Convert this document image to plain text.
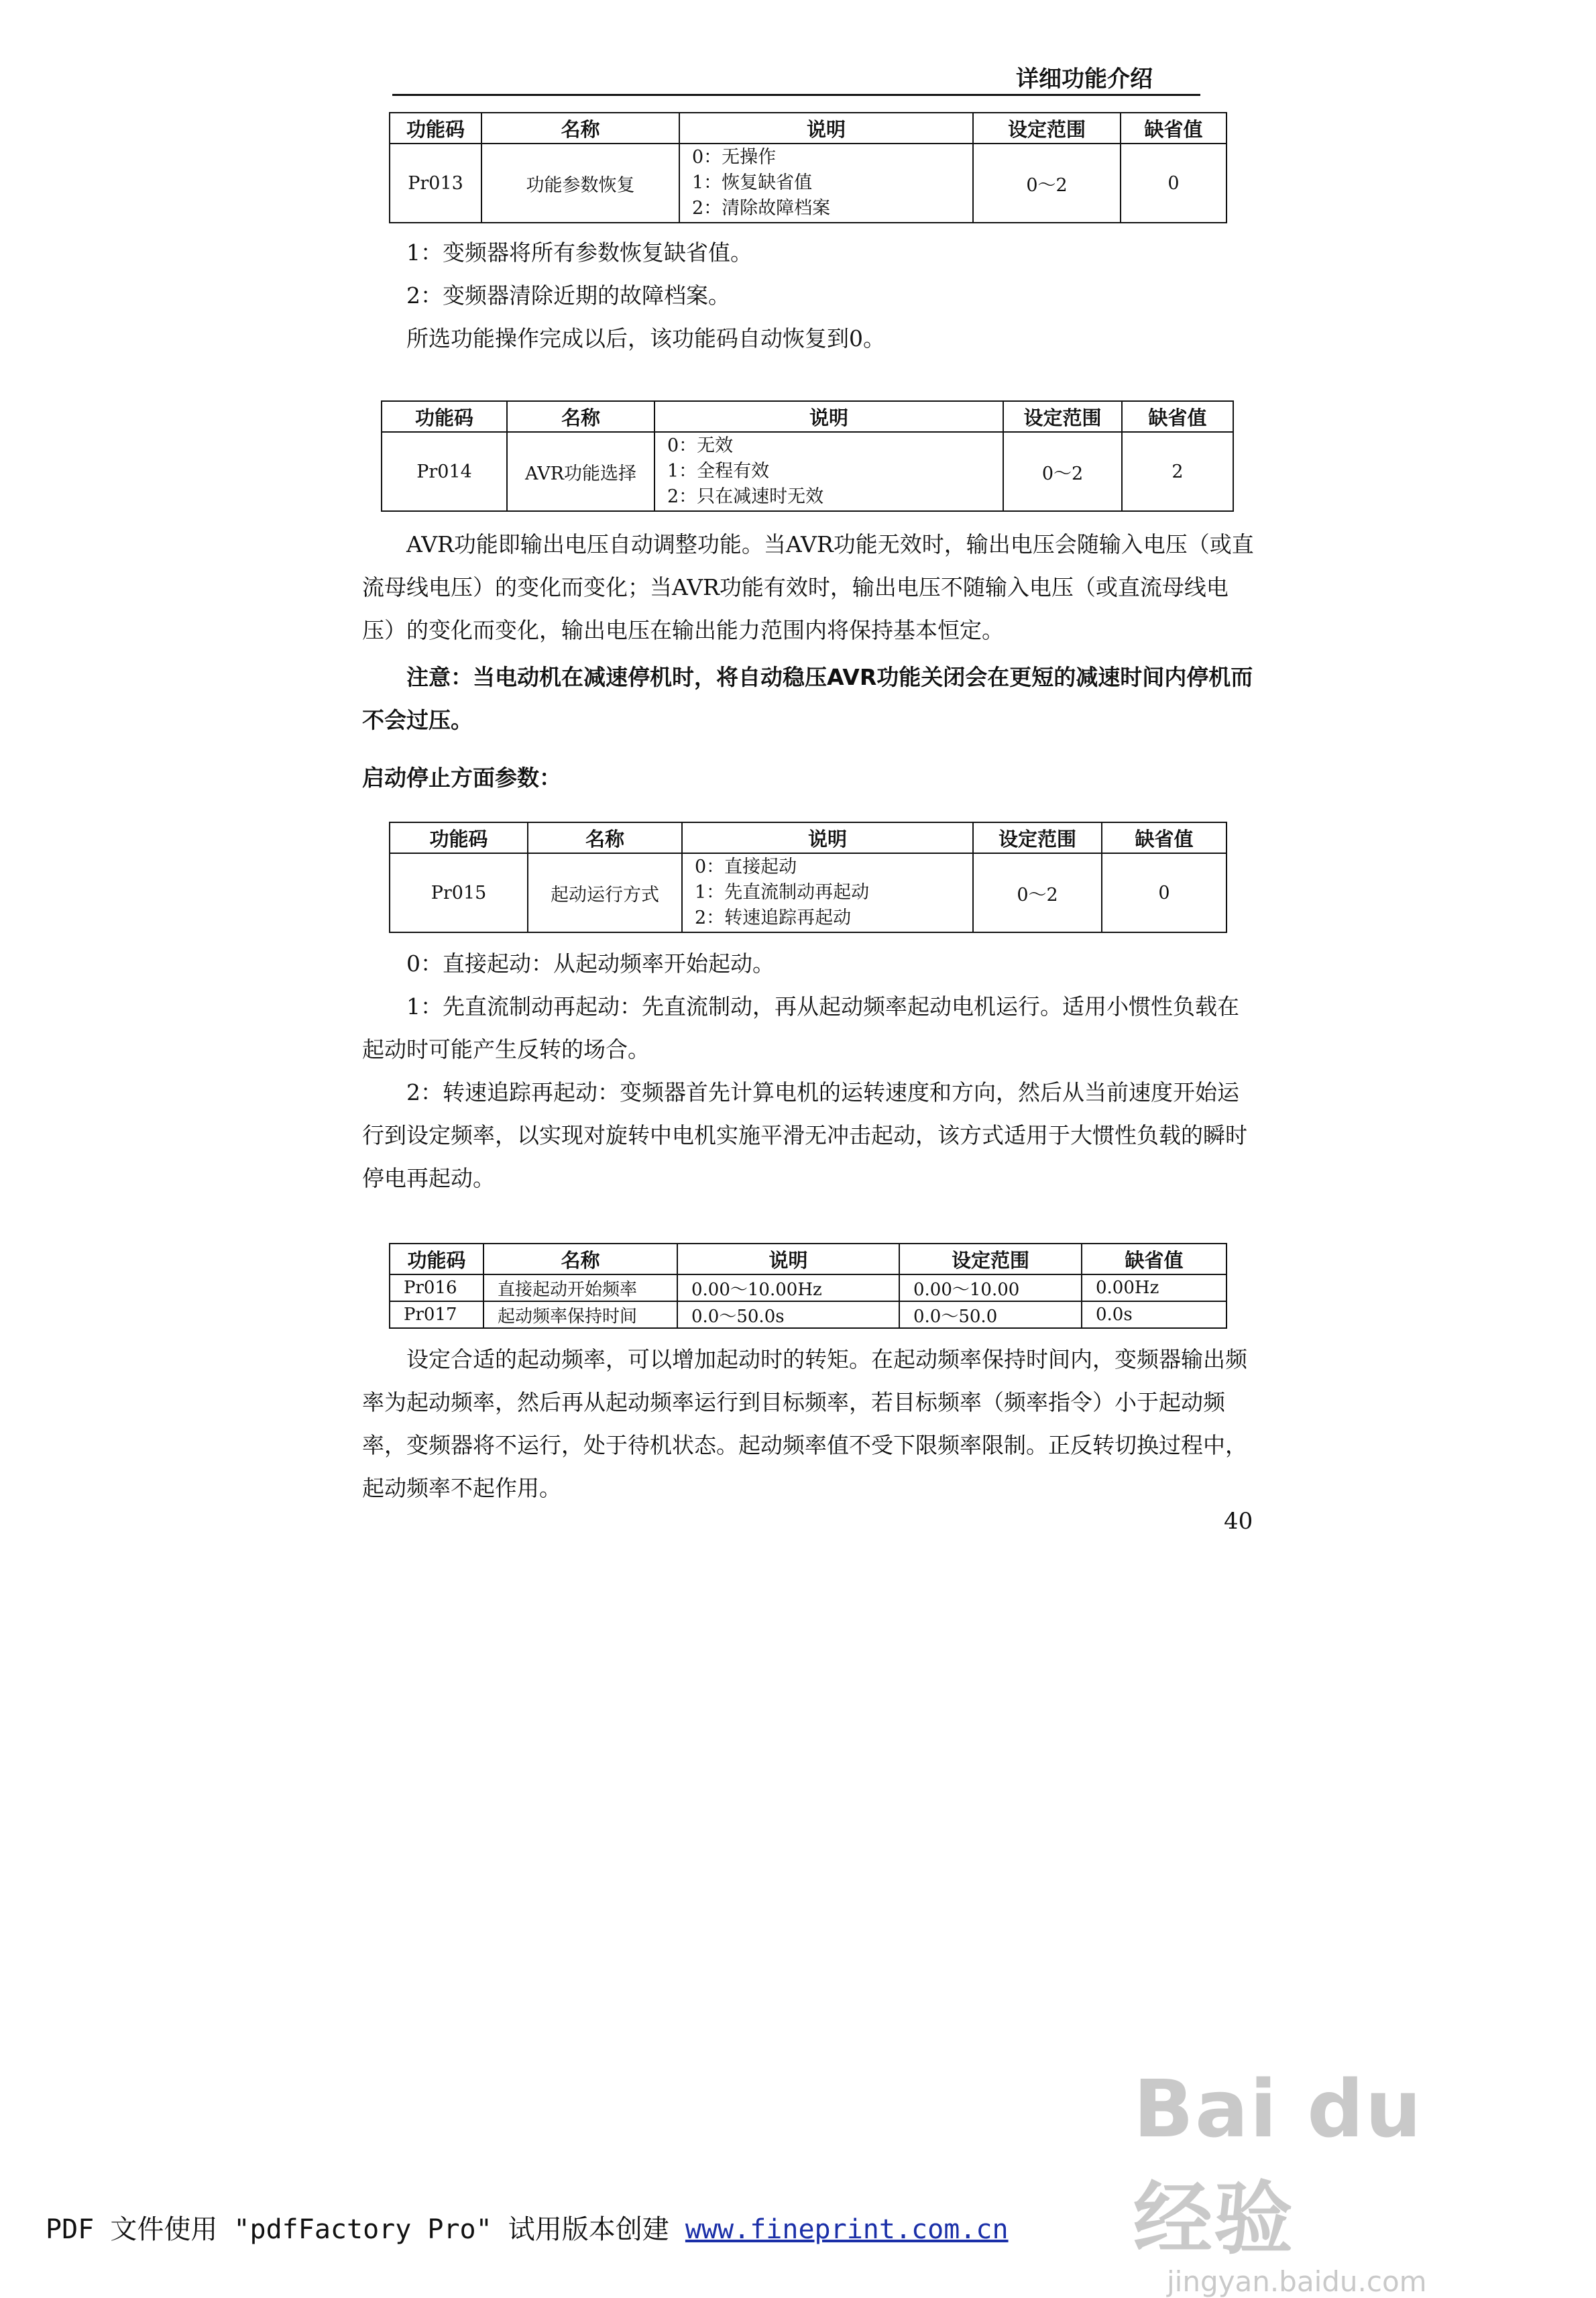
详细功能介绍
功能码	名称	说明	设定范围	缺省值
Pr013	功能参数恢复	0：无操作
1：恢复缺省值
2：清除故障档案	0～2	0

1：变频器将所有参数恢复缺省值。

2：变频器清除近期的故障档案。

所选功能操作完成以后，该功能码自动恢复到0。

功能码	名称	说明	设定范围	缺省值
Pr014	AVR功能选择	0：无效
1：全程有效
2：只在减速时无效	0～2	2

AVR功能即输出电压自动调整功能。当AVR功能无效时，输出电压会随输入电压（或直流母线电压）的变化而变化；当AVR功能有效时，输出电压不随输入电压（或直流母线电压）的变化而变化，输出电压在输出能力范围内将保持基本恒定。

注意：当电动机在减速停机时，将自动稳压AVR功能关闭会在更短的减速时间内停机而不会过压。

启动停止方面参数：

功能码	名称	说明	设定范围	缺省值
Pr015	起动运行方式	0：直接起动
1：先直流制动再起动
2：转速追踪再起动	0～2	0

0：直接起动：从起动频率开始起动。

1：先直流制动再起动：先直流制动，再从起动频率起动电机运行。适用小惯性负载在起动时可能产生反转的场合。

2：转速追踪再起动：变频器首先计算电机的运转速度和方向，然后从当前速度开始运行到设定频率，以实现对旋转中电机实施平滑无冲击起动，该方式适用于大惯性负载的瞬时停电再起动。

功能码	名称	说明	设定范围	缺省值
Pr016	直接起动开始频率	0.00～10.00Hz	0.00～10.00	0.00Hz
Pr017	起动频率保持时间	0.0～50.0s	0.0～50.0	0.0s

设定合适的起动频率，可以增加起动时的转矩。在起动频率保持时间内，变频器输出频率为起动频率，然后再从起动频率运行到目标频率，若目标频率（频率指令）小于起动频率，变频器将不运行，处于待机状态。起动频率值不受下限频率限制。正反转切换过程中，起动频率不起作用。

40
Bai du 经验
jingyan.baidu.com
PDF 文件使用 "pdfFactory Pro" 试用版本创建 www.fineprint.com.cn
